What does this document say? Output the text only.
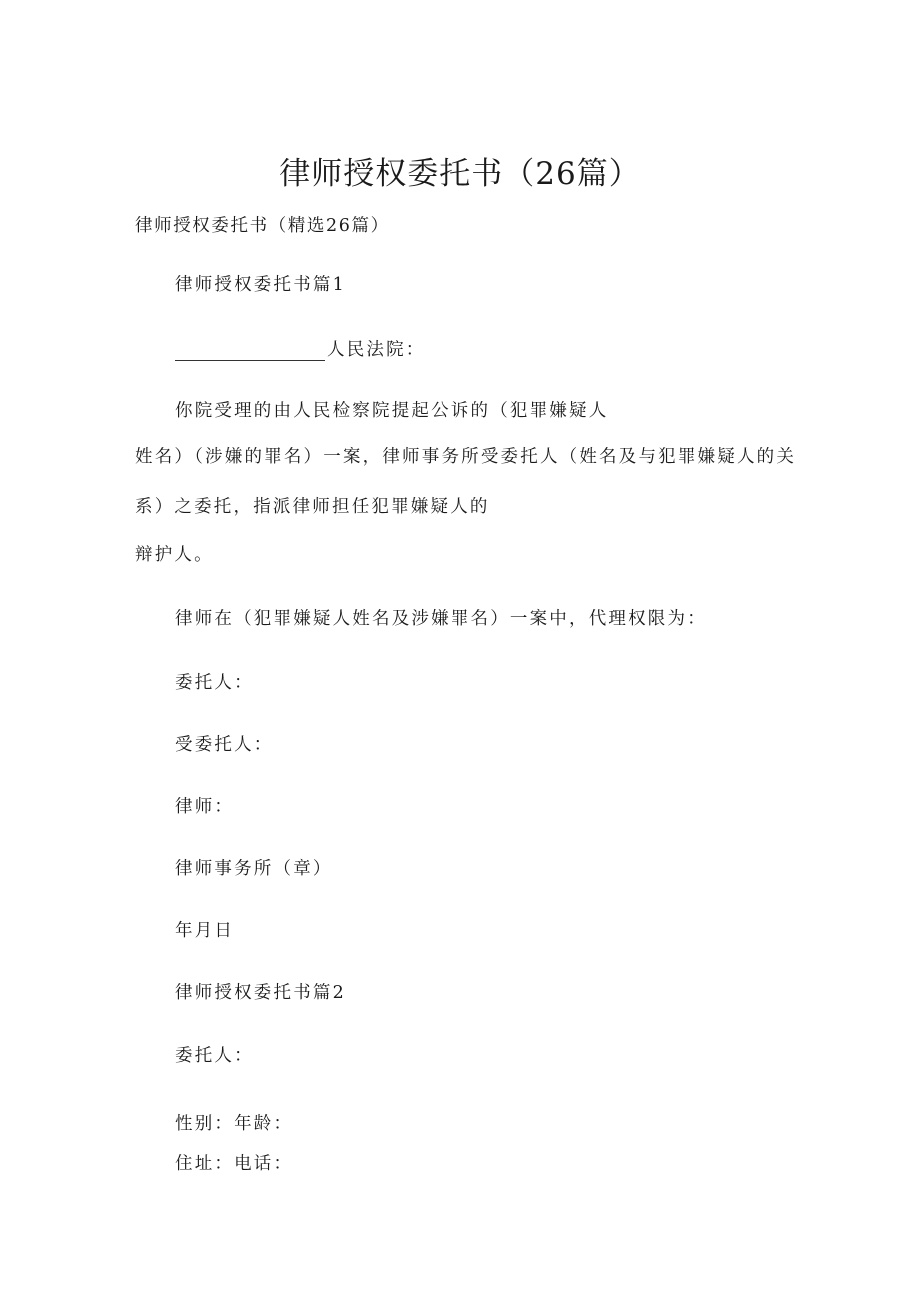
律师授权委托书（26篇）
律师授权委托书（精选26篇）
律师授权委托书篇1
人民法院：
你院受理的由人民检察院提起公诉的（犯罪嫌疑人
姓名）（涉嫌的罪名）一案，律师事务所受委托人（姓名及与犯罪嫌疑人的关
系）之委托，指派律师担任犯罪嫌疑人的
辩护人。
律师在（犯罪嫌疑人姓名及涉嫌罪名）一案中，代理权限为：
委托人：
受委托人：
律师：
律师事务所（章）
年月日
律师授权委托书篇2
委托人：
性别：年龄：
住址：电话：
